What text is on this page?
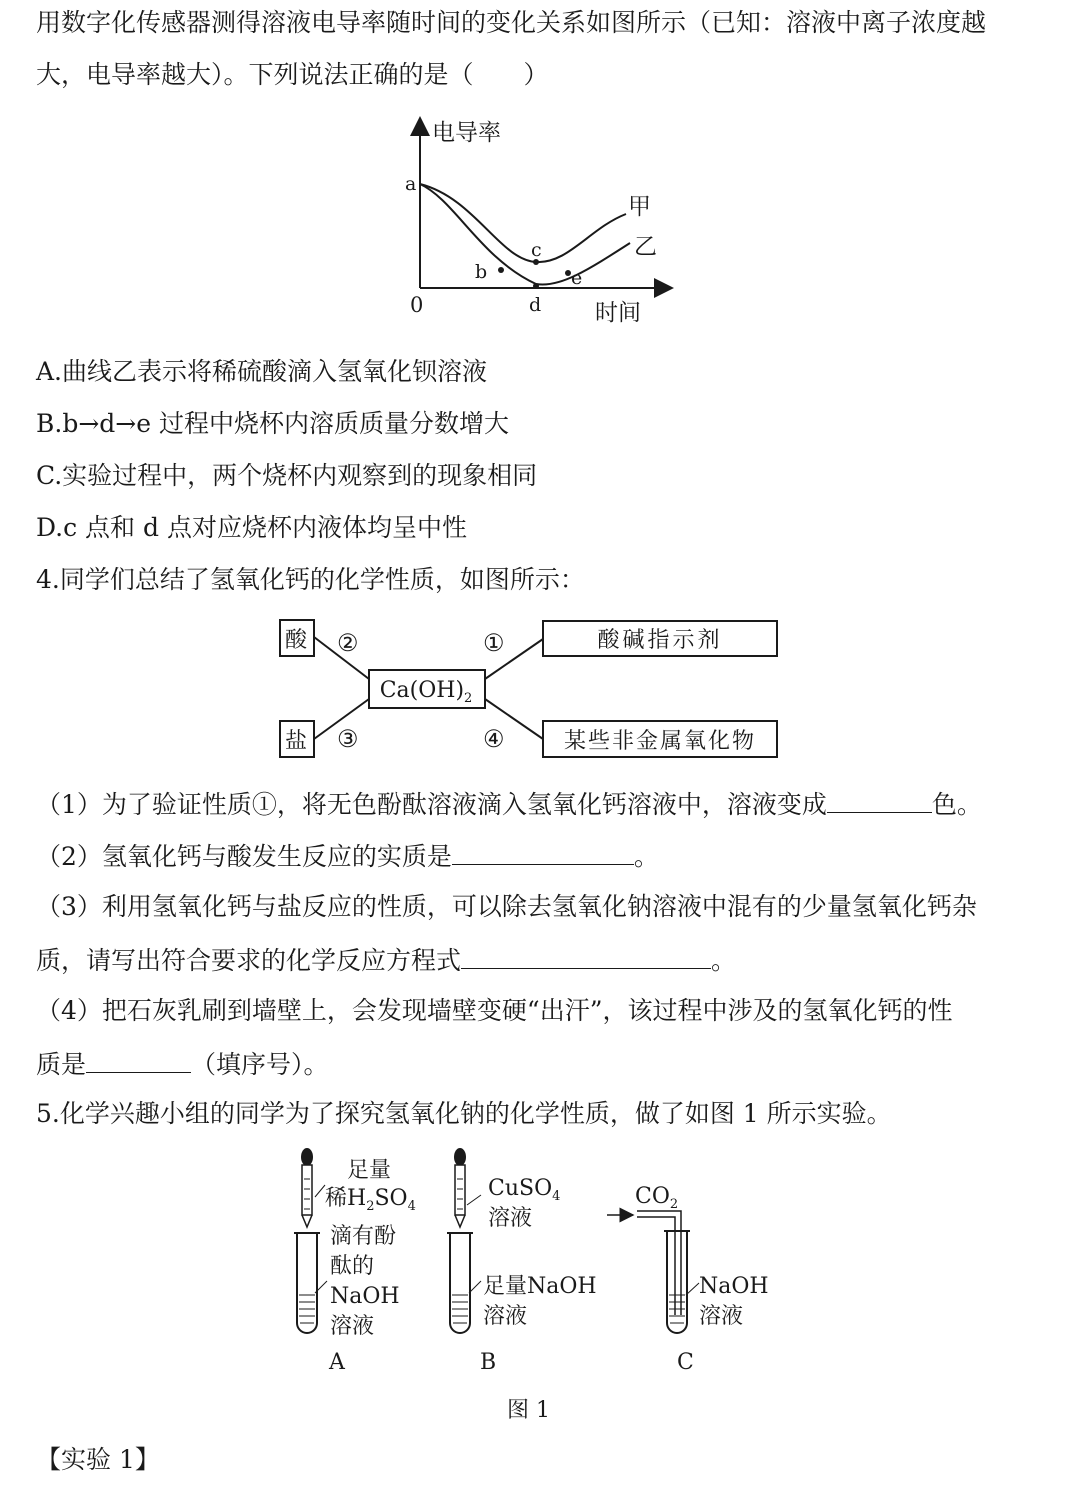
用数字化传感器测得溶液电导率随时间的变化关系如图所示（已知：溶液中离子浓度越
大，电导率越大）。下列说法正确的是（　　）
电导率
时间
0
a
b
c
d
e
甲
乙
A.曲线乙表示将稀硫酸滴入氢氧化钡溶液
B.b→d→e 过程中烧杯内溶质质量分数增大
C.实验过程中，两个烧杯内观察到的现象相同
D.c 点和 d 点对应烧杯内液体均呈中性
4.同学们总结了氢氧化钙的化学性质，如图所示：
酸
盐
酸碱指示剂
某些非金属氧化物
$Ca(OH)_2$
②	①
③	④
（1）为了验证性质①，将无色酚酞溶液滴入氢氧化钙溶液中，溶液变成	色。
（2）氢氧化钙与酸发生反应的实质是	。
（3）利用氢氧化钙与盐反应的性质，可以除去氢氧化钠溶液中混有的少量氢氧化钙杂
质，请写出符合要求的化学反应方程式	。
（4）把石灰乳刷到墙壁上，会发现墙壁变硬“出汗”，该过程中涉及的氢氧化钙的性
质是	（填序号）。
5.化学兴趣小组的同学为了探究氢氧化钠的化学性质，做了如图 1 所示实验。
足量
稀$H_2SO_4$
滴有酚
酞的
NaOH
溶液
A
CuSO$_4$
溶液
足量NaOH
溶液
B
$CO_2$
NaOH
溶液
C
图 1
【实验 1】
